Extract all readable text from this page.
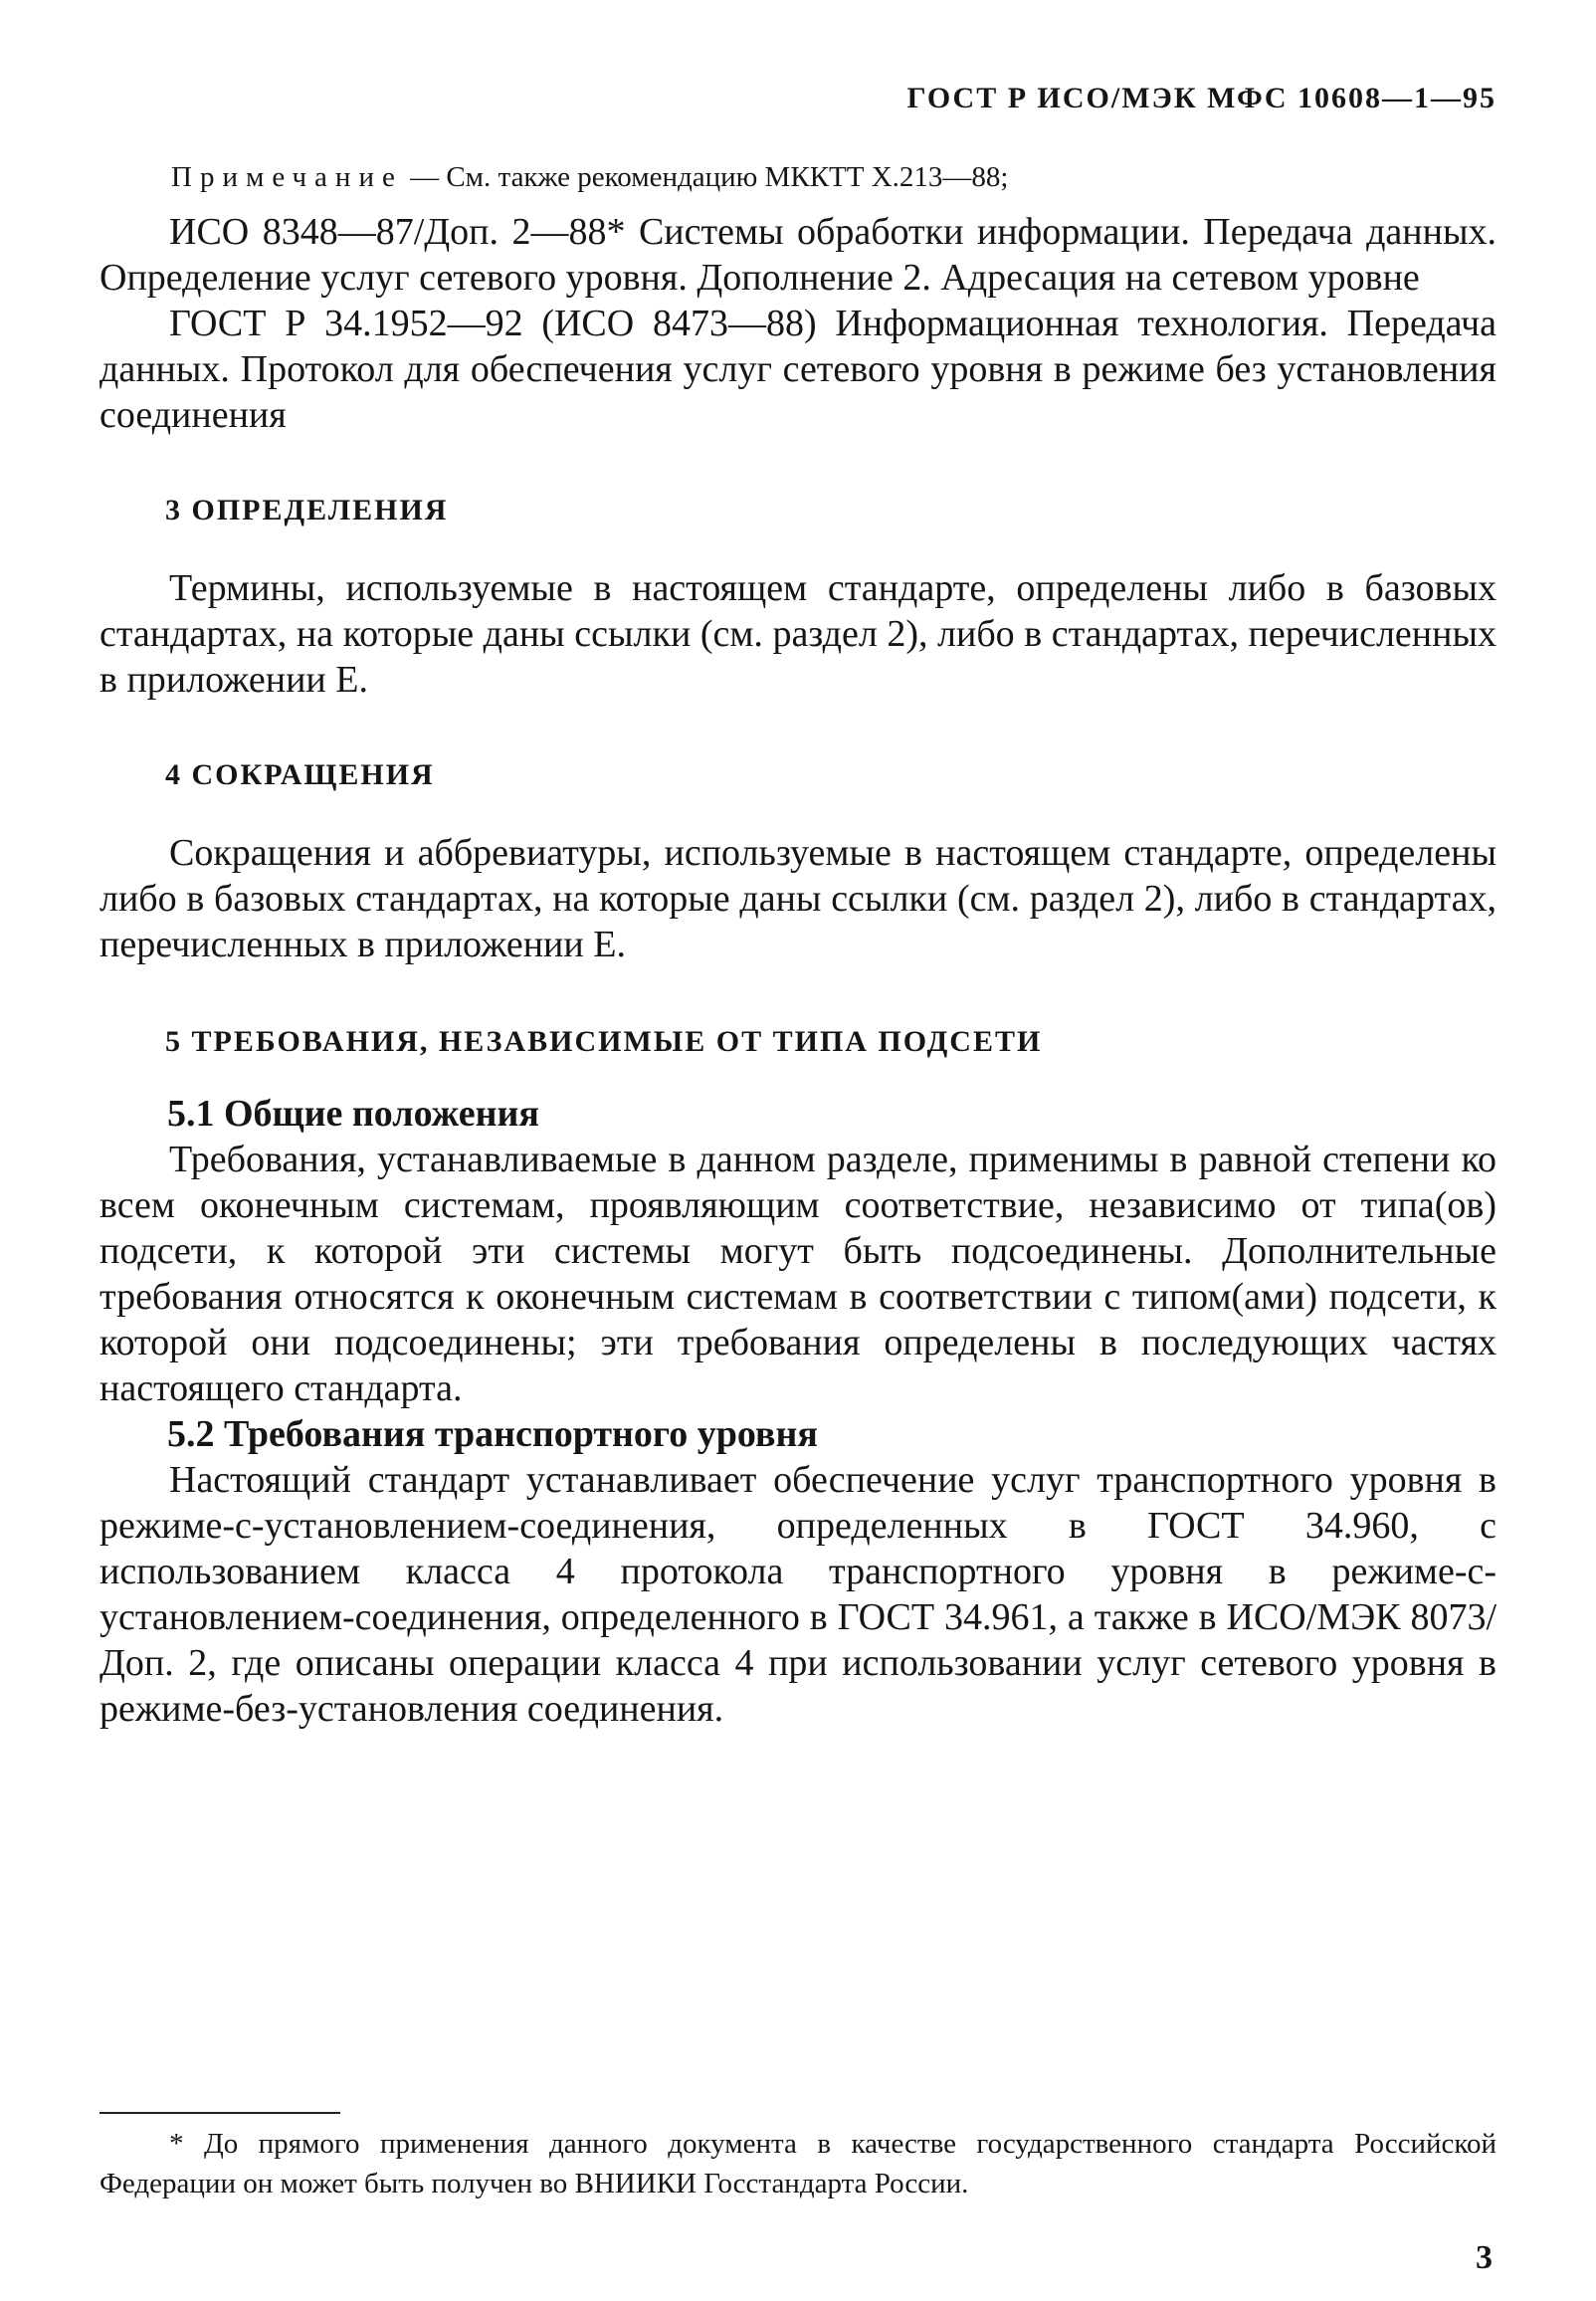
ГОСТ Р ИСО/МЭК МФС 10608—1—95

Примечание — См. также рекомендацию МККТТ Х.213—88;

ИСО 8348—87/Доп. 2—88* Системы обработки информации. Передача данных. Определение услуг сетевого уровня. Дополнение 2. Адресация на сетевом уровне

ГОСТ Р 34.1952—92 (ИСО 8473—88) Информационная технология. Передача данных. Протокол для обеспечения услуг сетевого уровня в режиме без установления соединения

3 ОПРЕДЕЛЕНИЯ

Термины, используемые в настоящем стандарте, определены либо в базовых стандартах, на которые даны ссылки (см. раздел 2), либо в стандартах, перечисленных в приложении Е.

4 СОКРАЩЕНИЯ

Сокращения и аббревиатуры, используемые в настоящем стандарте, определены либо в базовых стандартах, на которые даны ссылки (см. раздел 2), либо в стандартах, перечисленных в приложении Е.

5 ТРЕБОВАНИЯ, НЕЗАВИСИМЫЕ ОТ ТИПА ПОДСЕТИ
5.1 Общие положения

Требования, устанавливаемые в данном разделе, применимы в равной степени ко всем оконечным системам, проявляющим соответствие, независимо от типа(ов) подсети, к которой эти системы могут быть подсоединены. Дополнительные требования относятся к оконечным системам в соответствии с типом(ами) подсети, к которой они подсоединены; эти требования определены в последующих частях настоящего стандарта.

5.2 Требования транспортного уровня

Настоящий стандарт устанавливает обеспечение услуг транспортного уровня в режиме-с-установлением-соединения, определенных в ГОСТ 34.960, с использованием класса 4 протокола транспортного уровня в режиме-с-установлением-соединения, определенного в ГОСТ 34.961, а также в ИСО/МЭК 8073/Доп. 2, где описаны операции класса 4 при использовании услуг сетевого уровня в режиме-без-установления соединения.

* До прямого применения данного документа в качестве государственного стандарта Российской Федерации он может быть получен во ВНИИКИ Госстандарта России.

3
